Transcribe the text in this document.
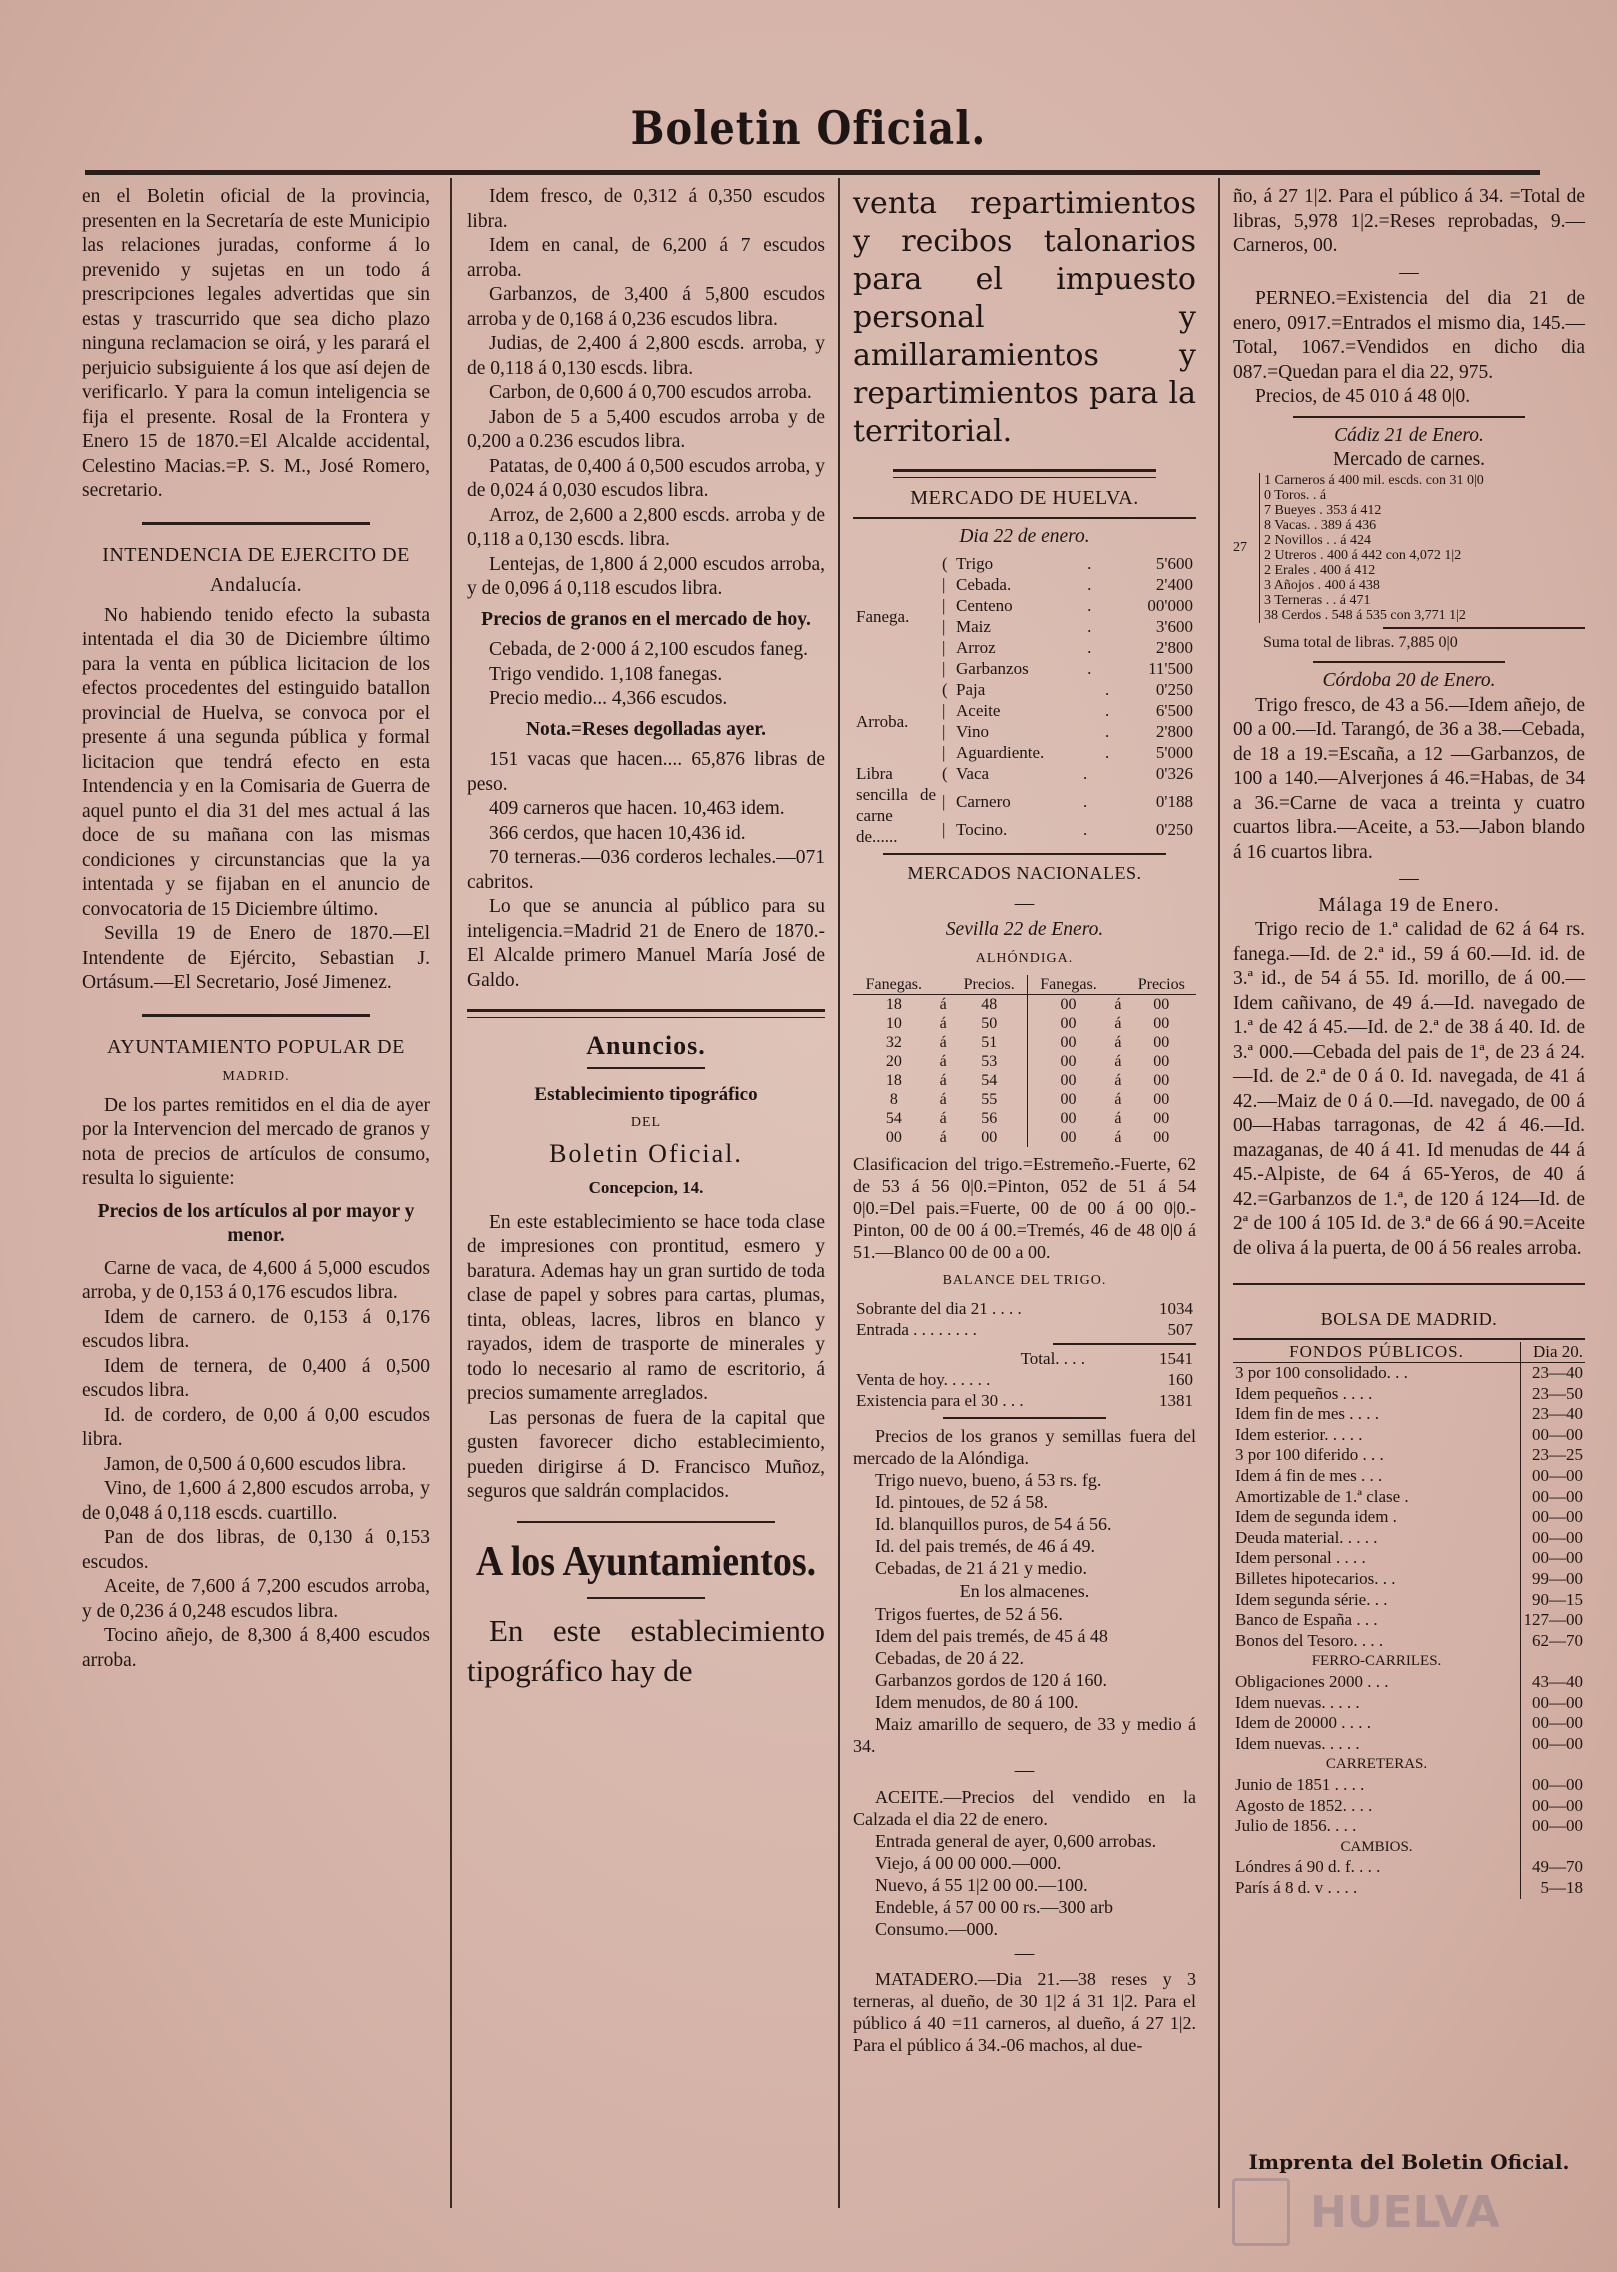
Boletin Oficial.

en el Boletin oficial de la provincia, presenten en la Secretaría de este Municipio las relaciones juradas, conforme á lo prevenido y sujetas en un todo á prescripciones legales advertidas que sin estas y trascurrido que sea dicho plazo ninguna reclamacion se oirá, y les parará el perjuicio subsiguiente á los que así dejen de verificarlo. Y para la comun inteligencia se fija el presente. Rosal de la Frontera y Enero 15 de 1870.=El Alcalde accidental, Celestino Macias.=P. S. M., José Romero, secretario.

INTENDENCIA DE EJERCITO DE
Andalucía.

No habiendo tenido efecto la subasta intentada el dia 30 de Diciembre último para la venta en pública licitacion de los efectos procedentes del estinguido batallon provincial de Huelva, se convoca por el presente á una segunda pública y formal licitacion que tendrá efecto en esta Intendencia y en la Comisaria de Guerra de aquel punto el dia 31 del mes actual á las doce de su mañana con las mismas condiciones y circunstancias que la ya intentada y se fijaban en el anuncio de convocatoria de 15 Diciembre último.

Sevilla 19 de Enero de 1870.—El Intendente de Ejército, Sebastian J. Ortásum.—El Secretario, José Jimenez.

AYUNTAMIENTO POPULAR DE
MADRID.

De los partes remitidos en el dia de ayer por la Intervencion del mercado de granos y nota de precios de artículos de consumo, resulta lo siguiente:

Precios de los artículos al por mayor y menor.

Carne de vaca, de 4,600 á 5,000 escudos arroba, y de 0,153 á 0,176 escudos libra.

Idem de carnero. de 0,153 á 0,176 escudos libra.

Idem de ternera, de 0,400 á 0,500 escudos libra.

Id. de cordero, de 0,00 á 0,00 escudos libra.

Jamon, de 0,500 á 0,600 escudos libra.

Vino, de 1,600 á 2,800 escudos arroba, y de 0,048 á 0,118 escds. cuartillo.

Pan de dos libras, de 0,130 á 0,153 escudos.

Aceite, de 7,600 á 7,200 escudos arroba, y de 0,236 á 0,248 escudos libra.

Tocino añejo, de 8,300 á 8,400 escudos arroba.

Idem fresco, de 0,312 á 0,350 escudos libra.

Idem en canal, de 6,200 á 7 escudos arroba.

Garbanzos, de 3,400 á 5,800 escudos arroba y de 0,168 á 0,236 escudos libra.

Judias, de 2,400 á 2,800 escds. arroba, y de 0,118 á 0,130 escds. libra.

Carbon, de 0,600 á 0,700 escudos arroba.

Jabon de 5 a 5,400 escudos arroba y de 0,200 a 0.236 escudos libra.

Patatas, de 0,400 á 0,500 escudos arroba, y de 0,024 á 0,030 escudos libra.

Arroz, de 2,600 a 2,800 escds. arroba y de 0,118 a 0,130 escds. libra.

Lentejas, de 1,800 á 2,000 escudos arroba, y de 0,096 á 0,118 escudos libra.

Precios de granos en el mercado de hoy.

Cebada, de 2·000 á 2,100 escudos faneg.

Trigo vendido. 1,108 fanegas.

Precio medio... 4,366 escudos.

Nota.=Reses degolladas ayer.

151 vacas que hacen.... 65,876 libras de peso.

409 carneros que hacen. 10,463 idem.

366 cerdos, que hacen 10,436 id.

70 terneras.—036 corderos lechales.—071 cabritos.

Lo que se anuncia al público para su inteligencia.=Madrid 21 de Enero de 1870.-El Alcalde primero Manuel María José de Galdo.

Anuncios.
Establecimiento tipográfico
DEL
Boletin Oficial.
Concepcion, 14.

En este establecimiento se hace toda clase de impresiones con prontitud, esmero y baratura. Ademas hay un gran surtido de toda clase de papel y sobres para cartas, plumas, tinta, obleas, lacres, libros en blanco y rayados, idem de trasporte de minerales y todo lo necesario al ramo de escritorio, á precios sumamente arreglados.

Las personas de fuera de la capital que gusten favorecer dicho establecimiento, pueden dirigirse á D. Francisco Muñoz, seguros que saldrán complacidos.

A los Ayuntamientos.

En este establecimiento tipográfico hay de

venta repartimientos y recibos talonarios para el impuesto personal y amillaramientos y repartimientos para la territorial.

MERCADO DE HUELVA.
Dia 22 de enero.
Fanega.	(	Trigo	.	5'600
	|	Cebada.	.	2'400
	|	Centeno	.	00'000
	|	Maiz	.	3'600
	|	Arroz	.	2'800
	|	Garbanzos	.	11'500
Arroba.	(	Paja	.	0'250
	|	Aceite	.	6'500
	|	Vino	.	2'800
	|	Aguardiente.	.	5'000
Libra sencilla de carne de......	(	Vaca	.	0'326
	|	Carnero	.	0'188
	|	Tocino.	.	0'250
MERCADOS NACIONALES.
—
Sevilla 22 de Enero.
ALHÓNDIGA.
Fanegas.		Precios.	Fanegas.		Precios
18	á	48	00	á	00
10	á	50	00	á	00
32	á	51	00	á	00
20	á	53	00	á	00
18	á	54	00	á	00
8	á	55	00	á	00
54	á	56	00	á	00
00	á	00	00	á	00

Clasificacion del trigo.=Estremeño.-Fuerte, 62 de 53 á 56 0|0.=Pinton, 052 de 51 á 54 0|0.=Del pais.=Fuerte, 00 de 00 á 00 0|0.-Pinton, 00 de 00 á 00.=Tremés, 46 de 48 0|0 á 51.—Blanco 00 de 00 a 00.

BALANCE DEL TRIGO.
Sobrante del dia 21 . . . .	1034
Entrada . . . . . . . .	507
Total. . . .	1541
Venta de hoy. . . . . .	160
Existencia para el 30 . . .	1381

Precios de los granos y semillas fuera del mercado de la Alóndiga.

Trigo nuevo, bueno, á 53 rs. fg.

Id. pintoues, de 52 á 58.

Id. blanquillos puros, de 54 á 56.

Id. del pais tremés, de 46 á 49.

Cebadas, de 21 á 21 y medio.

En los almacenes.

Trigos fuertes, de 52 á 56.

Idem del pais tremés, de 45 á 48

Cebadas, de 20 á 22.

Garbanzos gordos de 120 á 160.

Idem menudos, de 80 á 100.

Maiz amarillo de sequero, de 33 y medio á 34.

—

ACEITE.—Precios del vendido en la Calzada el dia 22 de enero.

Entrada general de ayer, 0,600 arrobas.

Viejo, á 00 00 000.—000.

Nuevo, á 55 1|2 00 00.—100.

Endeble, á 57 00 00 rs.—300 arb

Consumo.—000.

—

MATADERO.—Dia 21.—38 reses y 3 terneras, al dueño, de 30 1|2 á 31 1|2. Para el público á 40 =11 carneros, al dueño, á 27 1|2. Para el público á 34.-06 machos, al due-

ño, á 27 1|2. Para el público á 34. =Total de libras, 5,978 1|2.=Reses reprobadas, 9.—Carneros, 00.

—

PERNEO.=Existencia del dia 21 de enero, 0917.=Entrados el mismo dia, 145.—Total, 1067.=Vendidos en dicho dia 087.=Quedan para el dia 22, 975.

Precios, de 45 010 á 48 0|0.

Cádiz 21 de Enero.
Mercado de carnes.
27
1 Carneros á 400 mil. escds. con 31 0|0
0 Toros. . á
7 Bueyes . 353 á 412
8 Vacas. . 389 á 436
2 Novillos . . á 424
2 Utreros . 400 á 442 con 4,072 1|2
2 Erales . 400 á 412
3 Añojos . 400 á 438
3 Terneras . . á 471
38 Cerdos . 548 á 535 con 3,771 1|2
Suma total de libras. 7,885 0|0
Córdoba 20 de Enero.

Trigo fresco, de 43 a 56.—Idem añejo, de 00 a 00.—Id. Tarangó, de 36 a 38.—Cebada, de 18 a 19.=Escaña, a 12 —Garbanzos, de 100 a 140.—Alverjones á 46.=Habas, de 34 a 36.=Carne de vaca a treinta y cuatro cuartos libra.—Aceite, a 53.—Jabon blando á 16 cuartos libra.

—
Málaga 19 de Enero.

Trigo recio de 1.ª calidad de 62 á 64 rs. fanega.—Id. de 2.ª id., 59 á 60.—Id. id. de 3.ª id., de 54 á 55. Id. morillo, de á 00.—Idem cañivano, de 49 á.—Id. navegado de 1.ª de 42 á 45.—Id. de 2.ª de 38 á 40. Id. de 3.ª 000.—Cebada del pais de 1ª, de 23 á 24.—Id. de 2.ª de 0 á 0. Id. navegada, de 41 á 42.—Maiz de 0 á 0.—Id. navegado, de 00 á 00—Habas tarragonas, de 42 á 46.—Id. mazaganas, de 40 á 41. Id menudas de 44 á 45.-Alpiste, de 64 á 65-Yeros, de 40 á 42.=Garbanzos de 1.ª, de 120 á 124—Id. de 2ª de 100 á 105 Id. de 3.ª de 66 á 90.=Aceite de oliva á la puerta, de 00 á 56 reales arroba.

BOLSA DE MADRID.
FONDOS PÚBLICOS.	Dia 20.
3 por 100 consolidado. . .	23—40
Idem pequeños . . . .	23—50
Idem fin de mes . . . .	23—40
Idem esterior. . . . .	00—00
3 por 100 diferido . . .	23—25
Idem á fin de mes . . .	00—00
Amortizable de 1.ª clase .	00—00
Idem de segunda idem .	00—00
Deuda material. . . . .	00—00
Idem personal . . . .	00—00
Billetes hipotecarios. . .	99—00
Idem segunda série. . .	90—15
Banco de España . . .	127—00
Bonos del Tesoro. . . .	62—70
FERRO-CARRILES.	
Obligaciones 2000 . . .	43—40
Idem nuevas. . . . .	00—00
Idem de 20000 . . . .	00—00
Idem nuevas. . . . .	00—00
CARRETERAS.	
Junio de 1851 . . . .	00—00
Agosto de 1852. . . .	00—00
Julio de 1856. . . .	00—00
CAMBIOS.	
Lóndres á 90 d. f. . . .	49—70
París á 8 d. v . . . .	5—18
Imprenta del Boletin Oficial.
HUELVA
